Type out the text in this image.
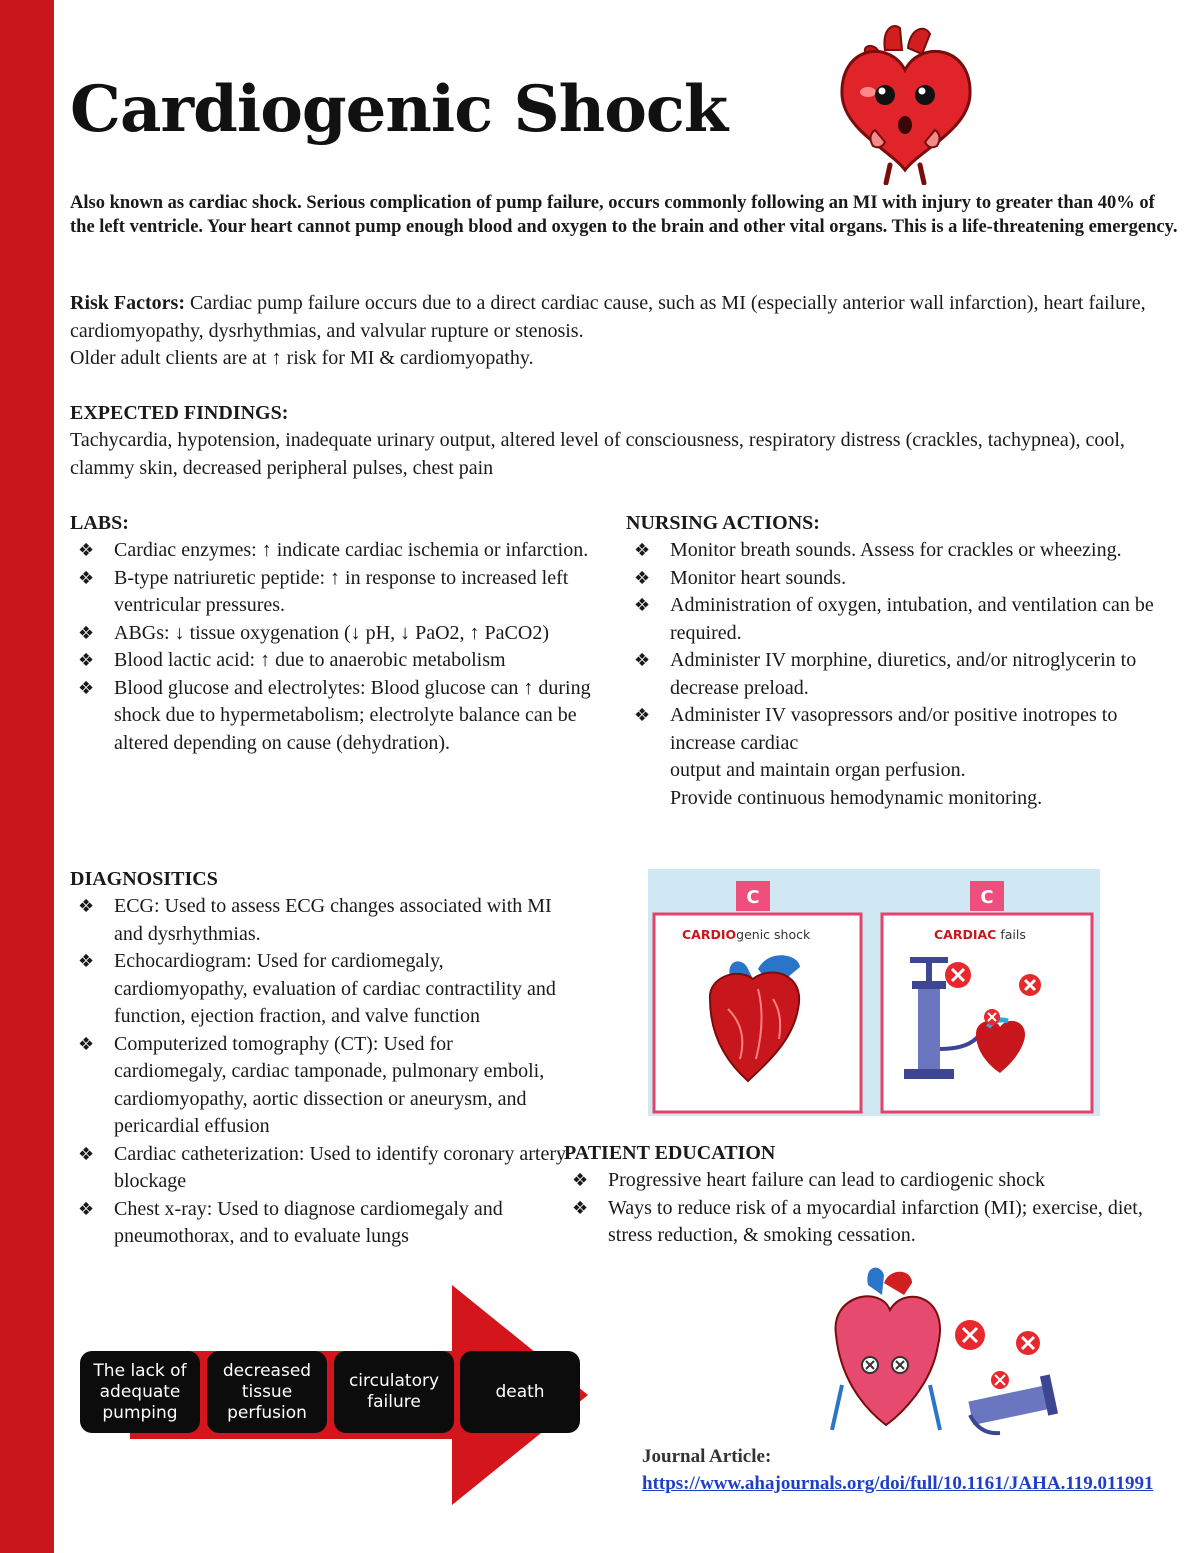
Cardiogenic Shock
Also known as cardiac shock. Serious complication of pump failure, occurs commonly following an MI with injury to greater than 40% of the left ventricle. Your heart cannot pump enough blood and oxygen to the brain and other vital organs. This is a life-threatening emergency.
Risk Factors: Cardiac pump failure occurs due to a direct cardiac cause, such as MI (especially anterior wall infarction), heart failure, cardiomyopathy, dysrhythmias, and valvular rupture or stenosis.
Older adult clients are at ↑ risk for MI & cardiomyopathy.
EXPECTED FINDINGS:
Tachycardia, hypotension, inadequate urinary output, altered level of consciousness, respiratory distress (crackles, tachypnea), cool, clammy skin, decreased peripheral pulses, chest pain
LABS:
❖ Cardiac enzymes: ↑ indicate cardiac ischemia or infarction.
❖ B-type natriuretic peptide: ↑ in response to increased left ventricular pressures.
❖ ABGs: ↓ tissue oxygenation (↓ pH, ↓ PaO2, ↑ PaCO2)
❖ Blood lactic acid: ↑ due to anaerobic metabolism
❖ Blood glucose and electrolytes: Blood glucose can ↑ during shock due to hypermetabolism; electrolyte balance can be altered depending on cause (dehydration).
NURSING ACTIONS:
❖ Monitor breath sounds. Assess for crackles or wheezing.
❖ Monitor heart sounds.
❖ Administration of oxygen, intubation, and ventilation can be required.
❖ Administer IV morphine, diuretics, and/or nitroglycerin to decrease preload.
❖ Administer IV vasopressors and/or positive inotropes to increase cardiac
output and maintain organ perfusion.
Provide continuous hemodynamic monitoring.
DIAGNOSITICS
❖ ECG: Used to assess ECG changes associated with MI and dysrhythmias.
❖ Echocardiogram: Used for cardiomegaly, cardiomyopathy, evaluation of cardiac contractility and function, ejection fraction, and valve function
❖ Computerized tomography (CT): Used for cardiomegaly, cardiac tamponade, pulmonary emboli, cardiomyopathy, aortic dissection or aneurysm, and pericardial effusion
❖ Cardiac catheterization: Used to identify coronary artery blockage
❖ Chest x-ray: Used to diagnose cardiomegaly and pneumothorax, and to evaluate lungs
C	C
CARDIOgenic shock	CARDIAC fails
PATIENT EDUCATION
❖ Progressive heart failure can lead to cardiogenic shock
❖ Ways to reduce risk of a myocardial infarction (MI); exercise, diet, stress reduction, & smoking cessation.
The lack of adequate pumping
decreased tissue perfusion
circulatory failure
death
Journal Article:
https://www.ahajournals.org/doi/full/10.1161/JAHA.119.011991
